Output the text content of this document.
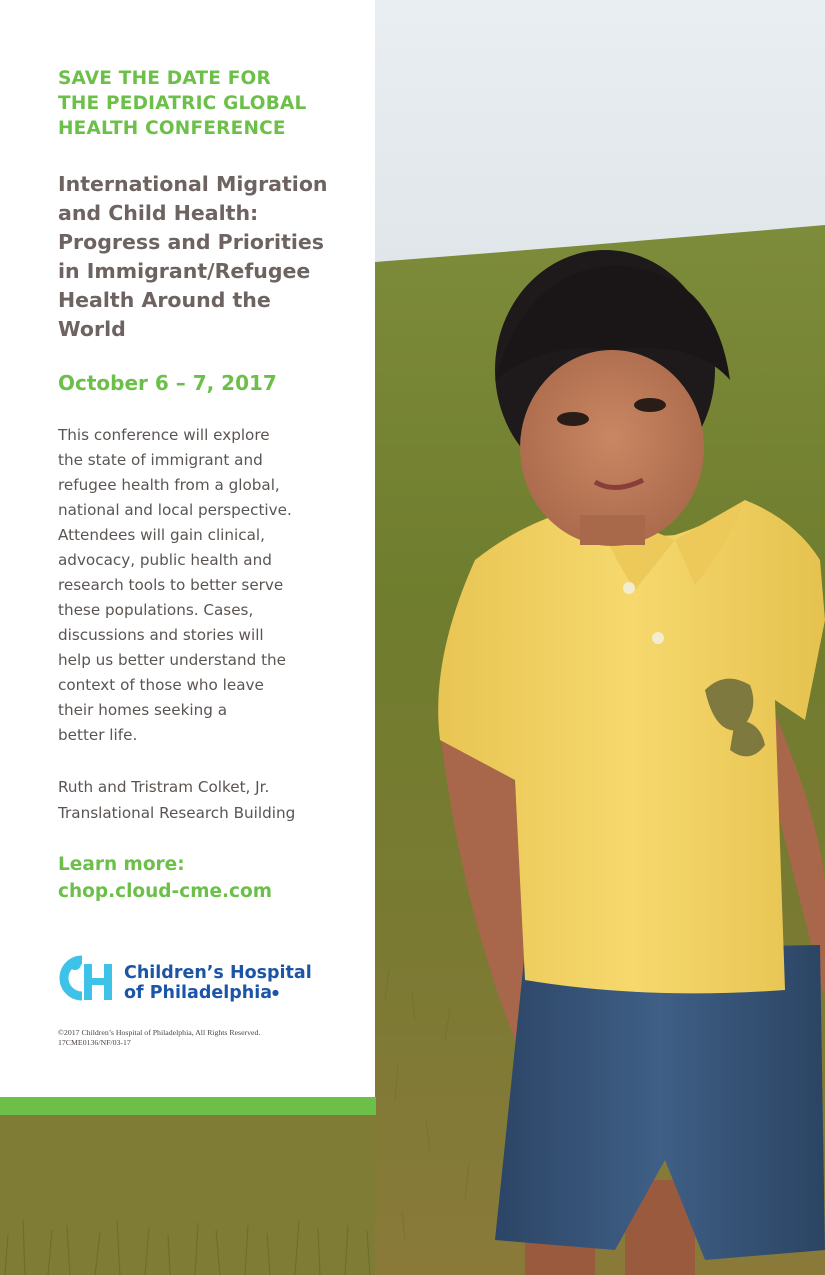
SAVE THE DATE FOR
THE PEDIATRIC GLOBAL
HEALTH CONFERENCE
International Migration
and Child Health:
Progress and Priorities
in Immigrant/Refugee
Health Around the
World
October 6 – 7, 2017
This conference will explore
the state of immigrant and
refugee health from a global,
national and local perspective.
Attendees will gain clinical,
advocacy, public health and
research tools to better serve
these populations. Cases,
discussions and stories will
help us better understand the
context of those who leave
their homes seeking a
better life.
Ruth and Tristram Colket, Jr.
Translational Research Building
Learn more:
chop.cloud-cme.com
Children’s Hospital
of Philadelphia●
©2017 Children’s Hospital of Philadelphia, All Rights Reserved.
17CME0136/NF/03-17
